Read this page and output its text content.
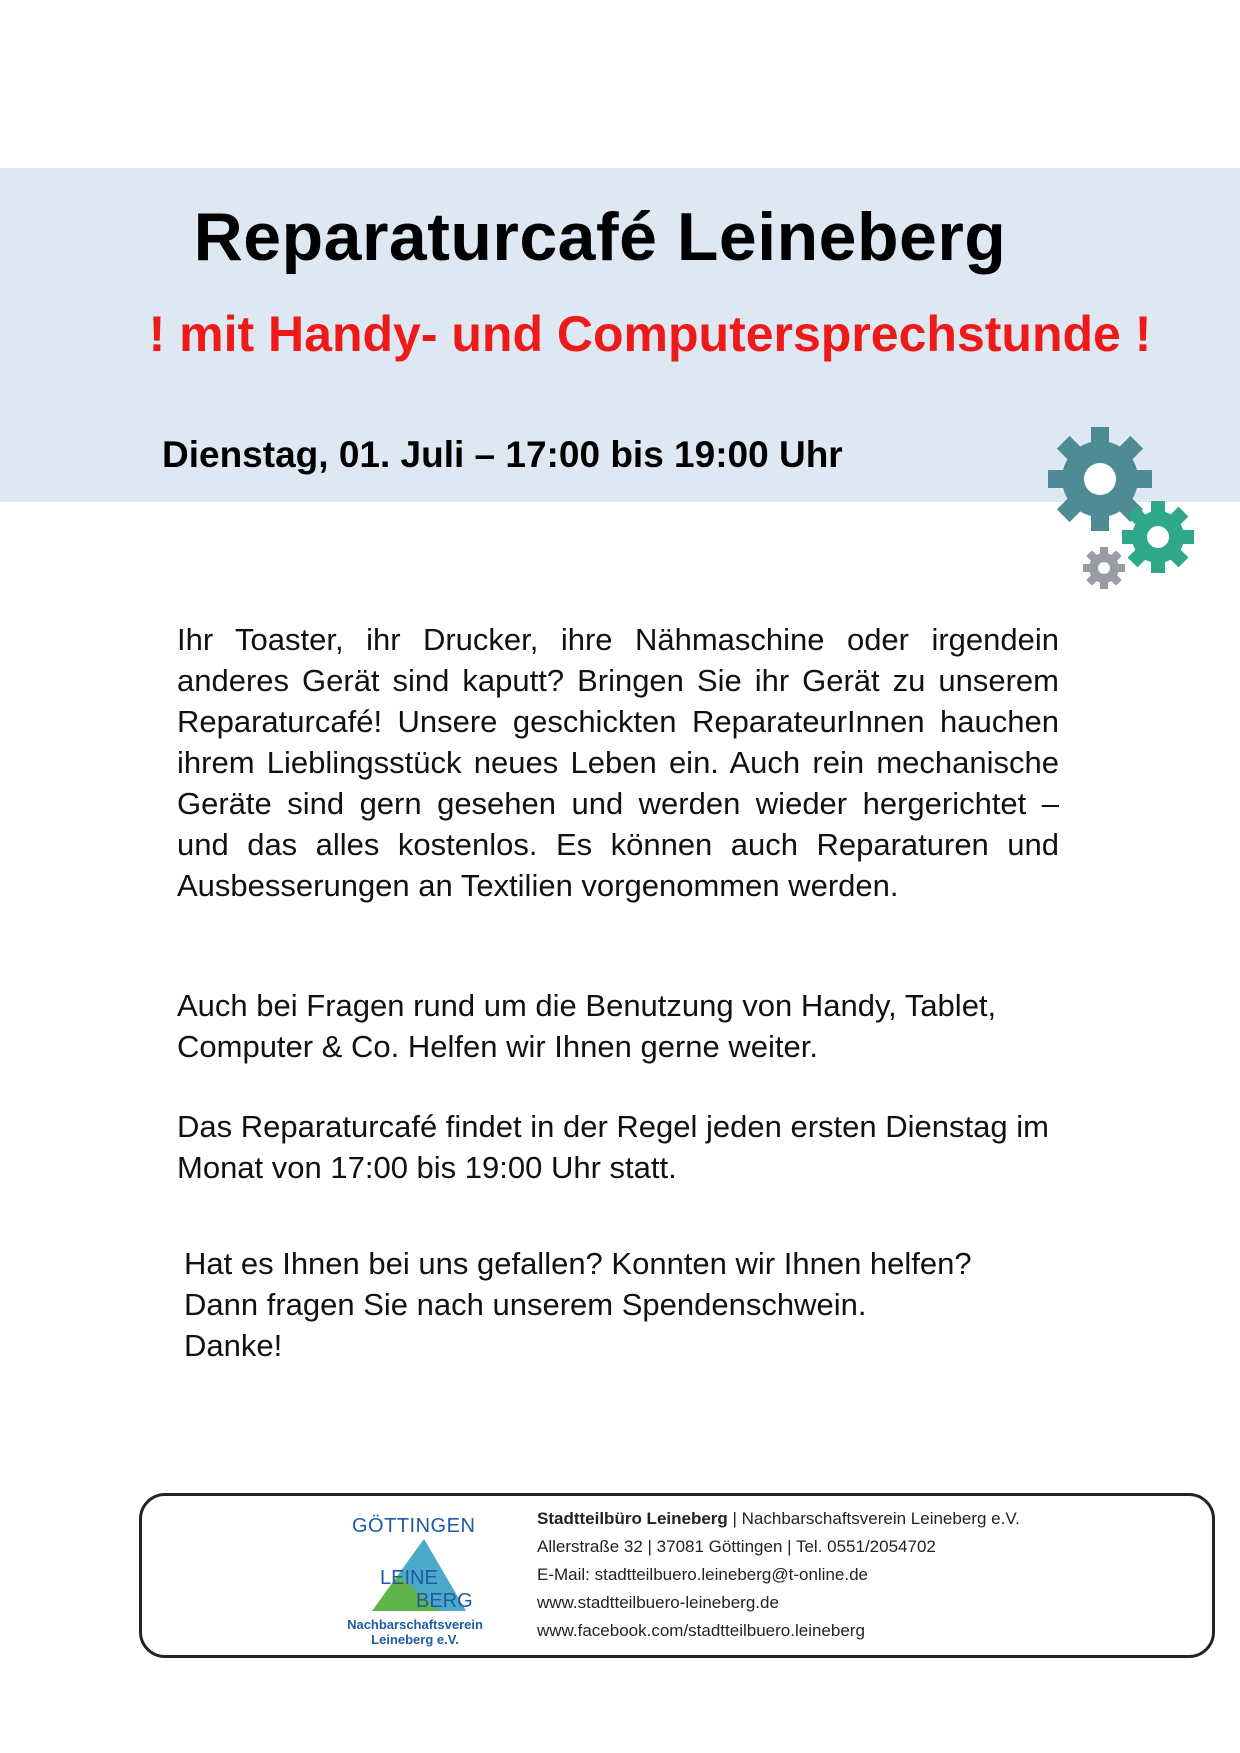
Reparaturcafé Leineberg
! mit Handy- und Computersprechstunde !
Dienstag, 01. Juli – 17:00 bis 19:00 Uhr
Ihr Toaster, ihr Drucker, ihre Nähmaschine oder irgendein anderes Gerät sind kaputt? Bringen Sie ihr Gerät zu unserem Reparaturcafé! Unsere geschickten ReparateurInnen hauchen ihrem Lieblingsstück neues Leben ein. Auch rein mechanische Geräte sind gern gesehen und werden wieder hergerichtet – und das alles kostenlos. Es können auch Reparaturen und Ausbesserungen an Textilien vorgenommen werden.
Auch bei Fragen rund um die Benutzung von Handy, Tablet, Computer & Co. Helfen wir Ihnen gerne weiter.
Das Reparaturcafé findet in der Regel jeden ersten Dienstag im Monat von 17:00 bis 19:00 Uhr statt.
Hat es Ihnen bei uns gefallen? Konnten wir Ihnen helfen?
Dann fragen Sie nach unserem Spendenschwein.
Danke!
GÖTTINGEN
LEINE
BERG
Nachbarschaftsverein
Leineberg e.V.
Stadtteilbüro Leineberg | Nachbarschaftsverein Leineberg e.V.
Allerstraße 32 | 37081 Göttingen | Tel. 0551/2054702
E-Mail: stadtteilbuero.leineberg@t-online.de
www.stadtteilbuero-leineberg.de
www.facebook.com/stadtteilbuero.leineberg
